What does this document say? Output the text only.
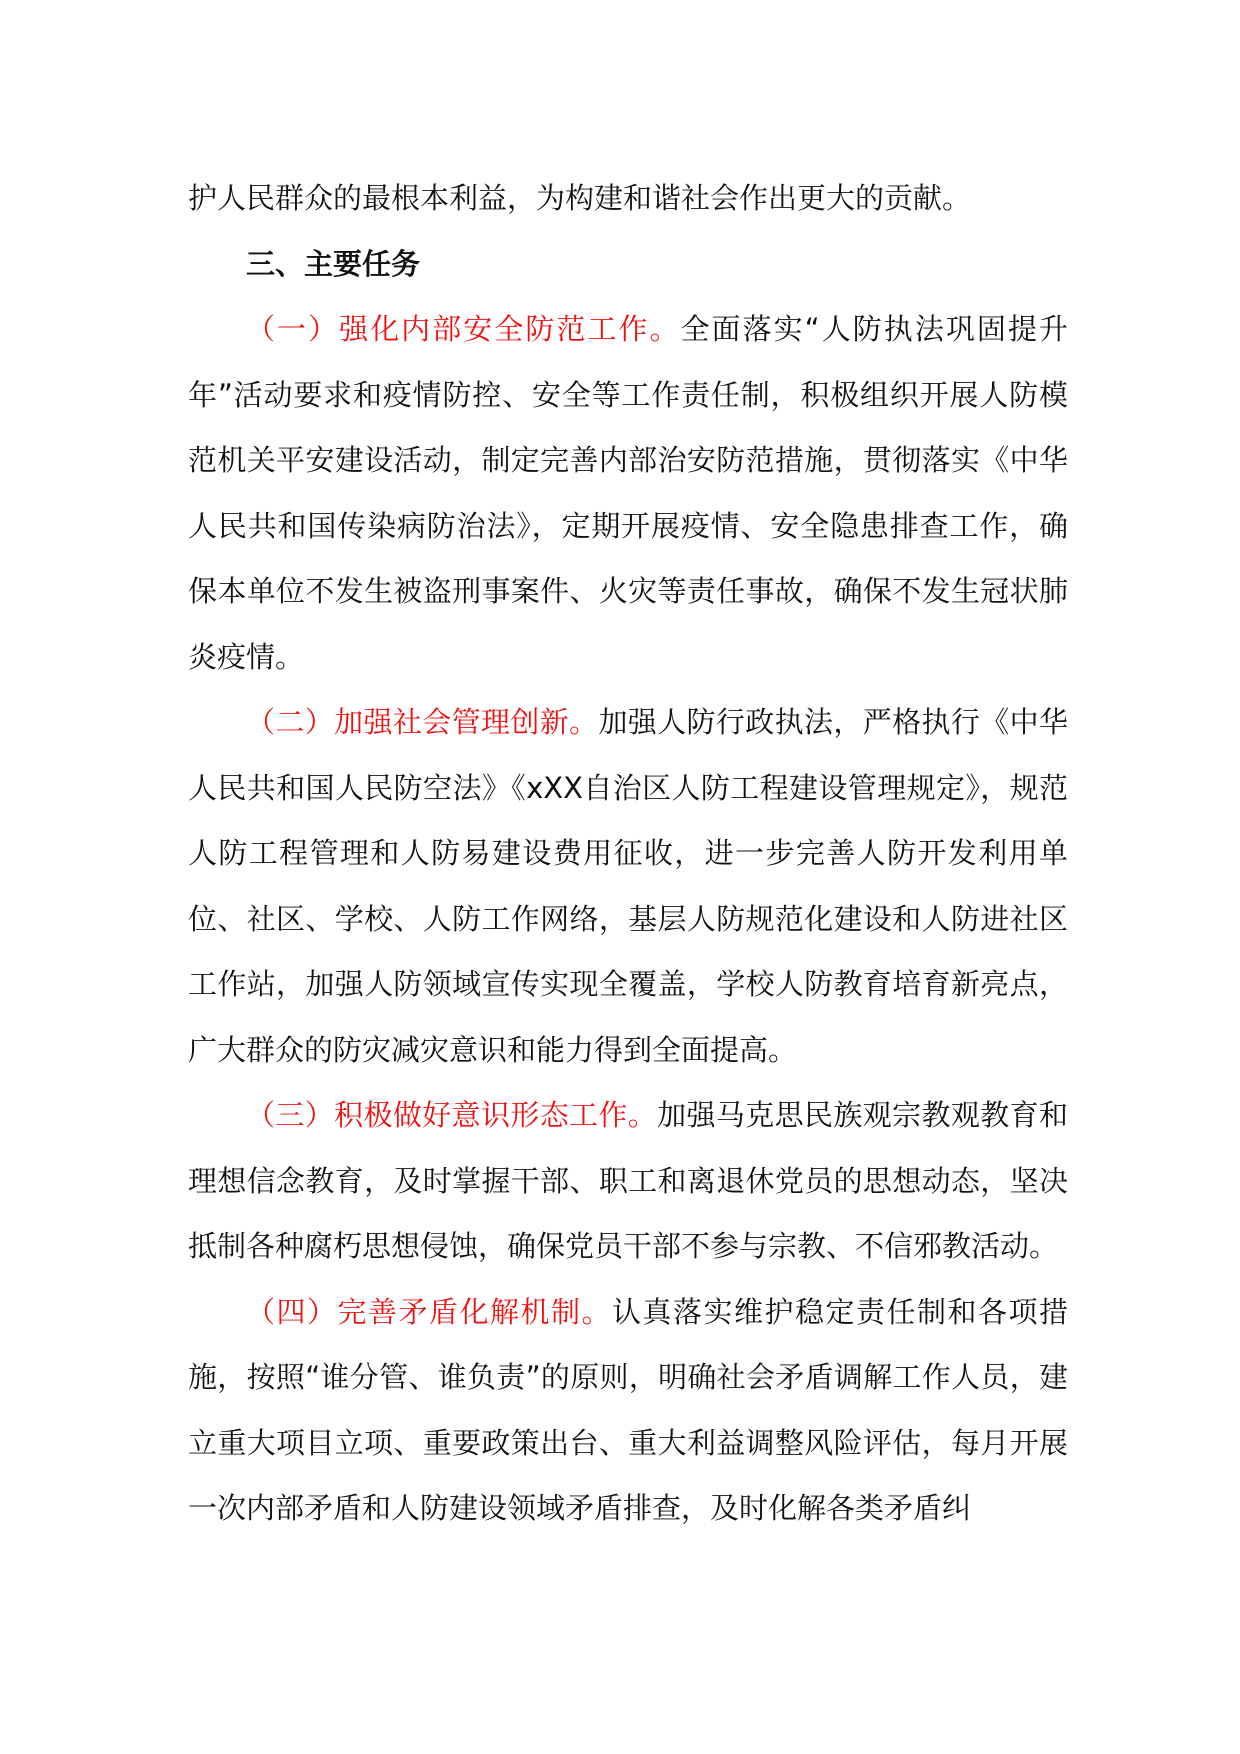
护人民群众的最根本利益，为构建和谐社会作出更大的贡献。

三、主要任务

（一）强化内部安全防范工作。全面落实“人防执法巩固提升年”活动要求和疫情防控、安全等工作责任制，积极组织开展人防模范机关平安建设活动，制定完善内部治安防范措施，贯彻落实《中华人民共和国传染病防治法》，定期开展疫情、安全隐患排查工作，确保本单位不发生被盗刑事案件、火灾等责任事故，确保不发生冠状肺炎疫情。

（二）加强社会管理创新。加强人防行政执法，严格执行《中华人民共和国人民防空法》《xXX自治区人防工程建设管理规定》，规范人防工程管理和人防易建设费用征收，进一步完善人防开发利用单位、社区、学校、人防工作网络，基层人防规范化建设和人防进社区工作站，加强人防领域宣传实现全覆盖，学校人防教育培育新亮点，广大群众的防灾减灾意识和能力得到全面提高。

（三）积极做好意识形态工作。加强马克思民族观宗教观教育和理想信念教育，及时掌握干部、职工和离退休党员的思想动态，坚决抵制各种腐朽思想侵蚀，确保党员干部不参与宗教、不信邪教活动。

（四）完善矛盾化解机制。认真落实维护稳定责任制和各项措施，按照“谁分管、谁负责”的原则，明确社会矛盾调解工作人员，建立重大项目立项、重要政策出台、重大利益调整风险评估，每月开展一次内部矛盾和人防建设领域矛盾排查，及时化解各类矛盾纠
